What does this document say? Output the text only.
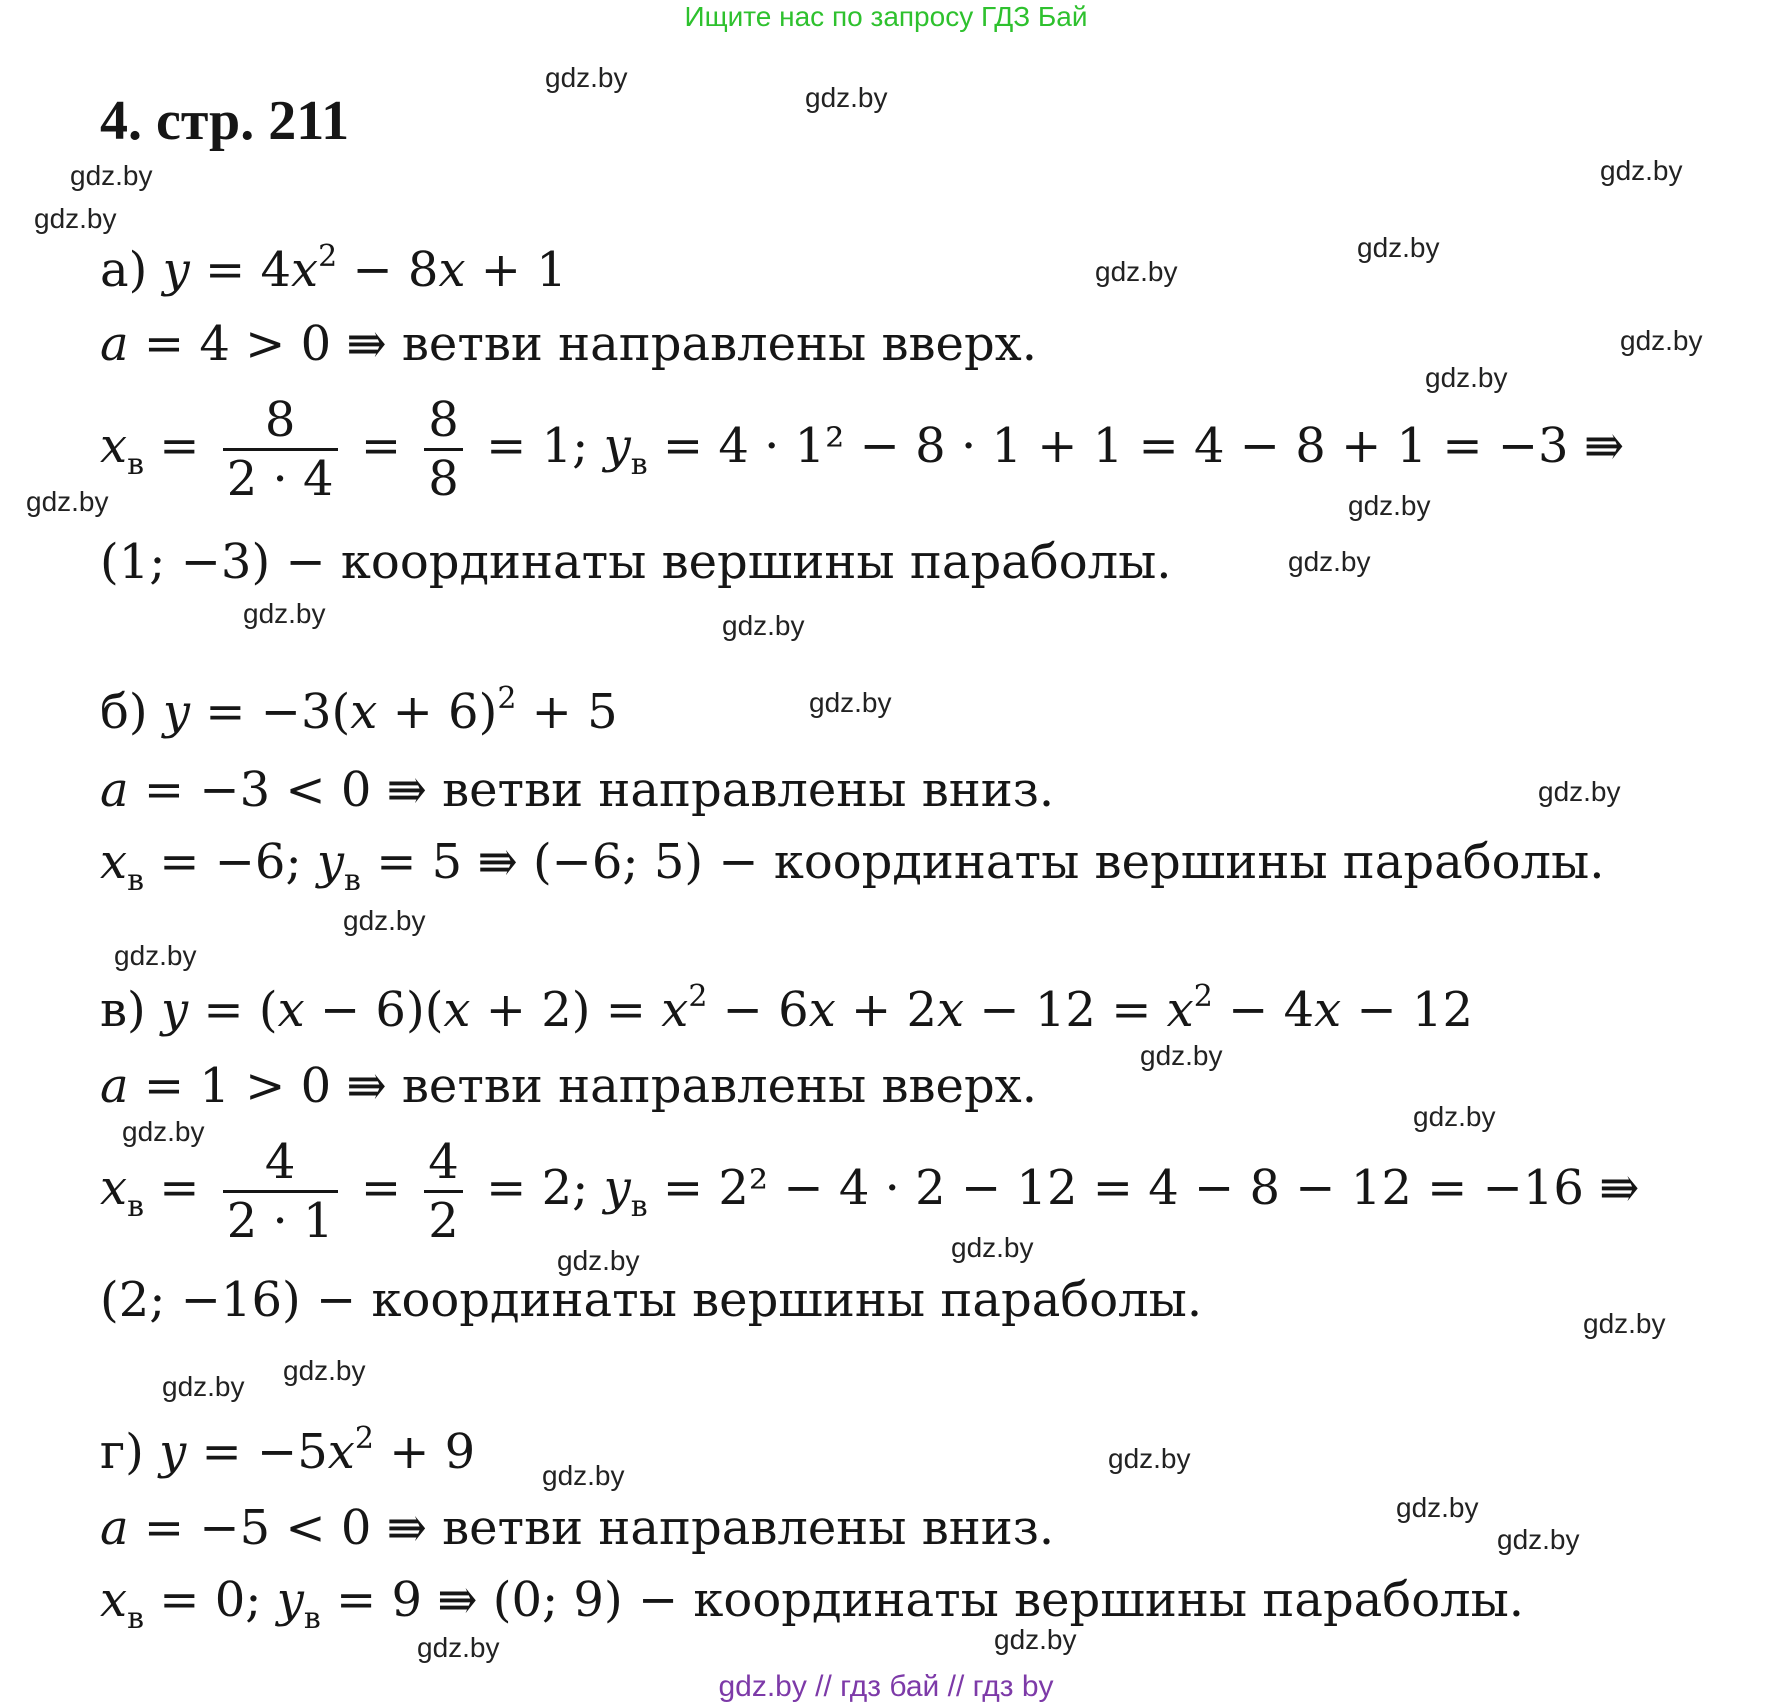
Ищите нас по запросу ГДЗ Бай
4. стр. 211
а) $y = 4x^2 - 8x + 1$
a = 4 > 0 ⇛ ветви направлены вверх.
$x_в = \frac{8}{2 \cdot 4} = \frac{8}{8} = 1$; $y_в = 4 \cdot 1^2 - 8 \cdot 1 + 1 = 4 - 8 + 1 = -3$ ⇛
(1; −3) − координаты вершины параболы.
б) $y = -3(x + 6)^2 + 5$
a = −3 < 0 ⇛ ветви направлены вниз.
$x_в = -6$; $y_в = 5$ ⇛ (−6; 5) − координаты вершины параболы.
в) $y = (x - 6)(x + 2) = x^2 - 6x + 2x - 12 = x^2 - 4x - 12$
a = 1 > 0 ⇛ ветви направлены вверх.
$x_в = \frac{4}{2 \cdot 1} = \frac{4}{2} = 2$; $y_в = 2^2 - 4 \cdot 2 - 12 = 4 - 8 - 12 = -16$ ⇛
(2; −16) − координаты вершины параболы.
г) $y = -5x^2 + 9$
a = −5 < 0 ⇛ ветви направлены вниз.
$x_в = 0$; $y_в = 9$ ⇛ (0; 9) − координаты вершины параболы.
gdz.by
gdz.by
gdz.by	gdz.by
gdz.by
gdz.by
gdz.by
gdz.by
gdz.by
gdz.by	gdz.by
gdz.by
gdz.by	gdz.by
gdz.by
gdz.by
gdz.by
gdz.by
gdz.by
gdz.by
gdz.by
gdz.by
gdz.by
gdz.by
gdz.by
gdz.by
gdz.by
gdz.by
gdz.by
gdz.by
gdz.by	gdz.by
gdz.by // гдз бай // гдз by
